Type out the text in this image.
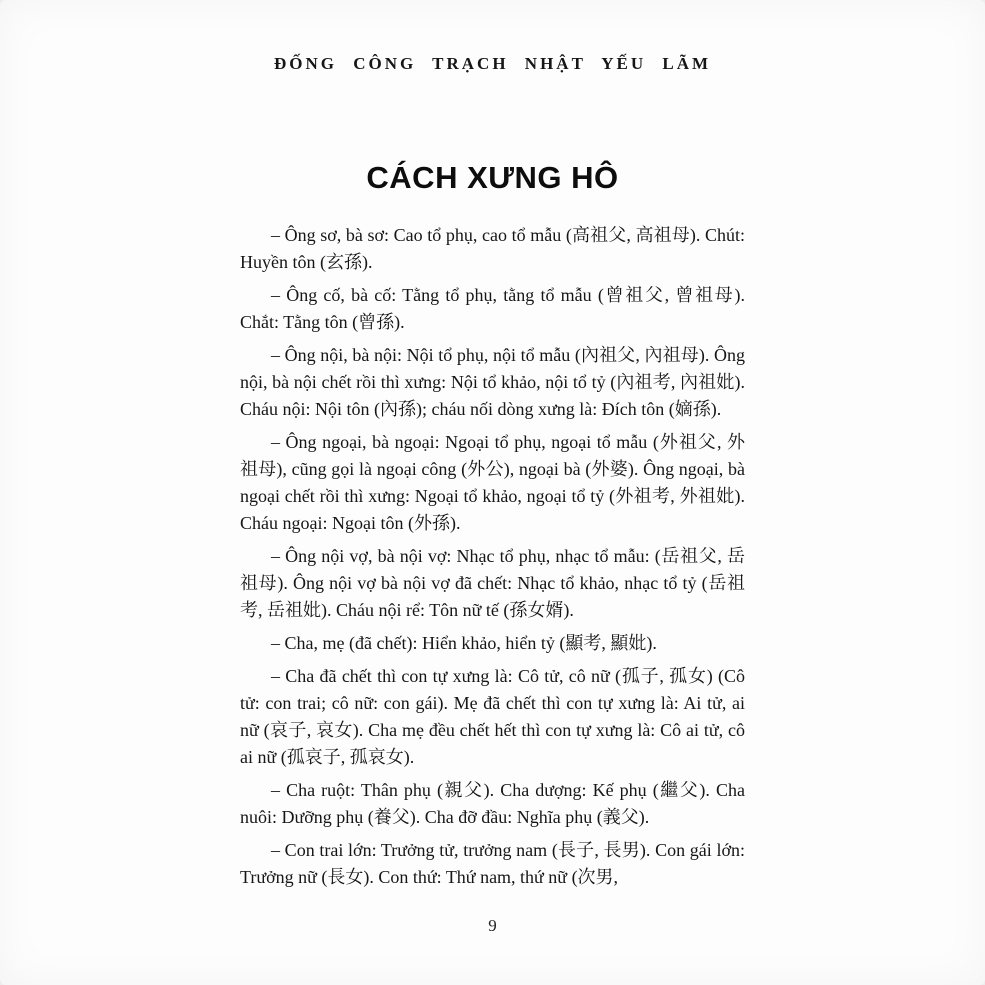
ĐỐNG CÔNG TRẠCH NHẬT YẾU LÃM
CÁCH XƯNG HÔ

– Ông sơ, bà sơ: Cao tổ phụ, cao tổ mẫu (高祖父, 高祖母). Chút: Huyền tôn (玄孫).

– Ông cố, bà cố: Tằng tổ phụ, tằng tổ mẫu (曾祖父, 曾祖母). Chắt: Tằng tôn (曾孫).

– Ông nội, bà nội: Nội tổ phụ, nội tổ mẫu (內祖父, 內祖母). Ông nội, bà nội chết rồi thì xưng: Nội tổ khảo, nội tổ tỷ (內祖考, 內祖妣). Cháu nội: Nội tôn (內孫); cháu nối dòng xưng là: Đích tôn (嫡孫).

– Ông ngoại, bà ngoại: Ngoại tổ phụ, ngoại tổ mẫu (外祖父, 外祖母), cũng gọi là ngoại công (外公), ngoại bà (外婆). Ông ngoại, bà ngoại chết rồi thì xưng: Ngoại tổ khảo, ngoại tổ tỷ (外祖考, 外祖妣). Cháu ngoại: Ngoại tôn (外孫).

– Ông nội vợ, bà nội vợ: Nhạc tổ phụ, nhạc tổ mẫu: (岳祖父, 岳祖母). Ông nội vợ bà nội vợ đã chết: Nhạc tổ khảo, nhạc tổ tỷ (岳祖考, 岳祖妣). Cháu nội rể: Tôn nữ tế (孫女婿).

– Cha, mẹ (đã chết): Hiển khảo, hiển tỷ (顯考, 顯妣).

– Cha đã chết thì con tự xưng là: Cô tử, cô nữ (孤子, 孤女) (Cô tử: con trai; cô nữ: con gái). Mẹ đã chết thì con tự xưng là: Ai tử, ai nữ (哀子, 哀女). Cha mẹ đều chết hết thì con tự xưng là: Cô ai tử, cô ai nữ (孤哀子, 孤哀女).

– Cha ruột: Thân phụ (親父). Cha dượng: Kế phụ (繼父). Cha nuôi: Dưỡng phụ (養父). Cha đỡ đầu: Nghĩa phụ (義父).

– Con trai lớn: Trưởng tử, trưởng nam (長子, 長男). Con gái lớn: Trưởng nữ (長女). Con thứ: Thứ nam, thứ nữ (次男,

9
